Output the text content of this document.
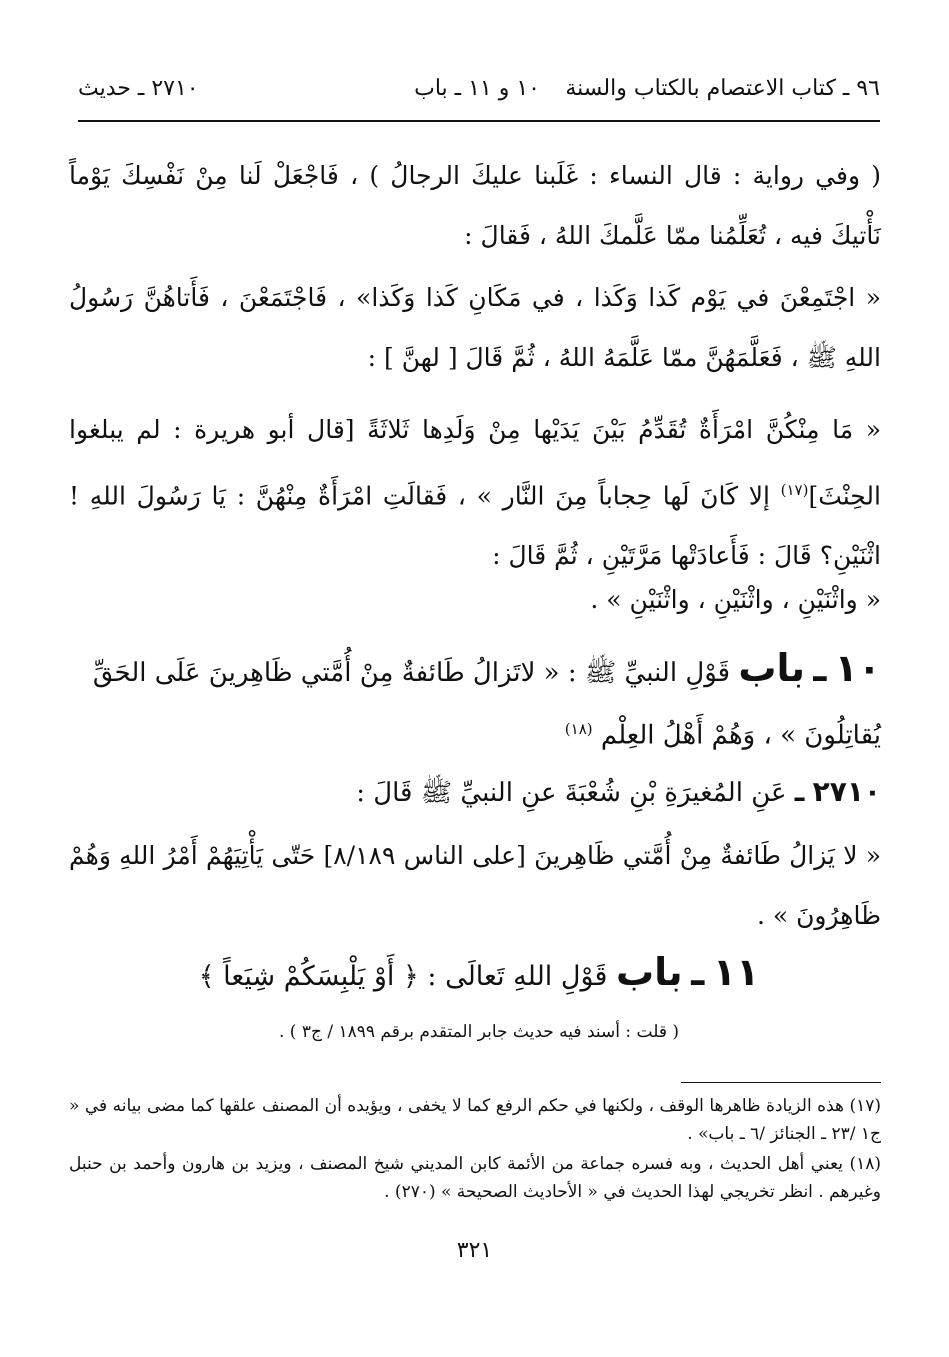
٩٦ ـ كتاب الاعتصام بالكتاب والسنة
١٠ و ١١ ـ باب
٢٧١٠ ـ حديث
( وفي رواية : قال النساء : غَلَبنا عليكَ الرجالُ ) ، فَاجْعَلْ لَنا مِنْ نَفْسِكَ يَوْماً نَأْتيكَ فيه ، تُعَلِّمُنا ممّا عَلَّمكَ اللهُ ، فَقالَ :
« اجْتَمِعْنَ في يَوْم كَذا وَكَذا ، في مَكَانِ كَذا وَكَذا» ، فَاجْتَمَعْنَ ، فَأَتاهُنَّ رَسُولُ اللهِ ﷺ ، فَعَلَّمَهُنَّ ممّا عَلَّمَهُ اللهُ ، ثُمَّ قَالَ [ لهنَّ ] :
« مَا مِنْكُنَّ امْرَأَةٌ تُقَدِّمُ بَيْنَ يَدَيْها مِنْ وَلَدِها ثَلاثَةً [قال أبو هريرة : لم يبلغوا الحِنْثَ]$^{(١٧)}$ إلا كَانَ لَها حِجاباً مِنَ النَّار » ، فَقالَتِ امْرَأَةٌ مِنْهُنَّ : يَا رَسُولَ اللهِ ! اثْنَيْنِ؟ قَالَ : فَأَعادَتْها مَرَّتَيْنِ ، ثُمَّ قَالَ :
« واثْنَيْنِ ، واثْنَيْنِ ، واثْنَيْنِ » .
١٠ ـ باب قَوْلِ النبيِّ ﷺ : « لاتَزالُ طَائفةٌ مِنْ أُمَّتي ظَاهِرينَ عَلَى الحَقِّ يُقاتِلُونَ » ، وَهُمْ أَهْلُ العِلْم $^{(١٨)}$
٢٧١٠ ـ عَنِ المُغيرَةِ بْنِ شُعْبَةَ عنِ النبيِّ ﷺ قَالَ :
« لا يَزالُ طَائفةٌ مِنْ أُمَّتي ظَاهِرينَ [على الناس ٨/١٨٩] حَتّى يَأْتِيَهُمْ أَمْرُ اللهِ وَهُمْ ظَاهِرُونَ » .
١١ ـ باب قَوْلِ اللهِ تَعالَى : ﴿ أَوْ يَلْبِسَكُمْ شِيَعاً ﴾
( قلت : أسند فيه حديث جابر المتقدم برقم ١٨٩٩ / ج٣ ) .

(١٧) هذه الزيادة ظاهرها الوقف ، ولكنها في حكم الرفع كما لا يخفى ، ويؤيده أن المصنف علقها كما مضى بيانه في « ج١ /٢٣ ـ الجنائز /٦ ـ باب» .

(١٨) يعني أهل الحديث ، وبه فسره جماعة من الأئمة كابن المديني شيخ المصنف ، ويزيد بن هارون وأحمد بن حنبل وغيرهم . انظر تخريجي لهذا الحديث في « الأحاديث الصحيحة » (٢٧٠) .

٣٢١
